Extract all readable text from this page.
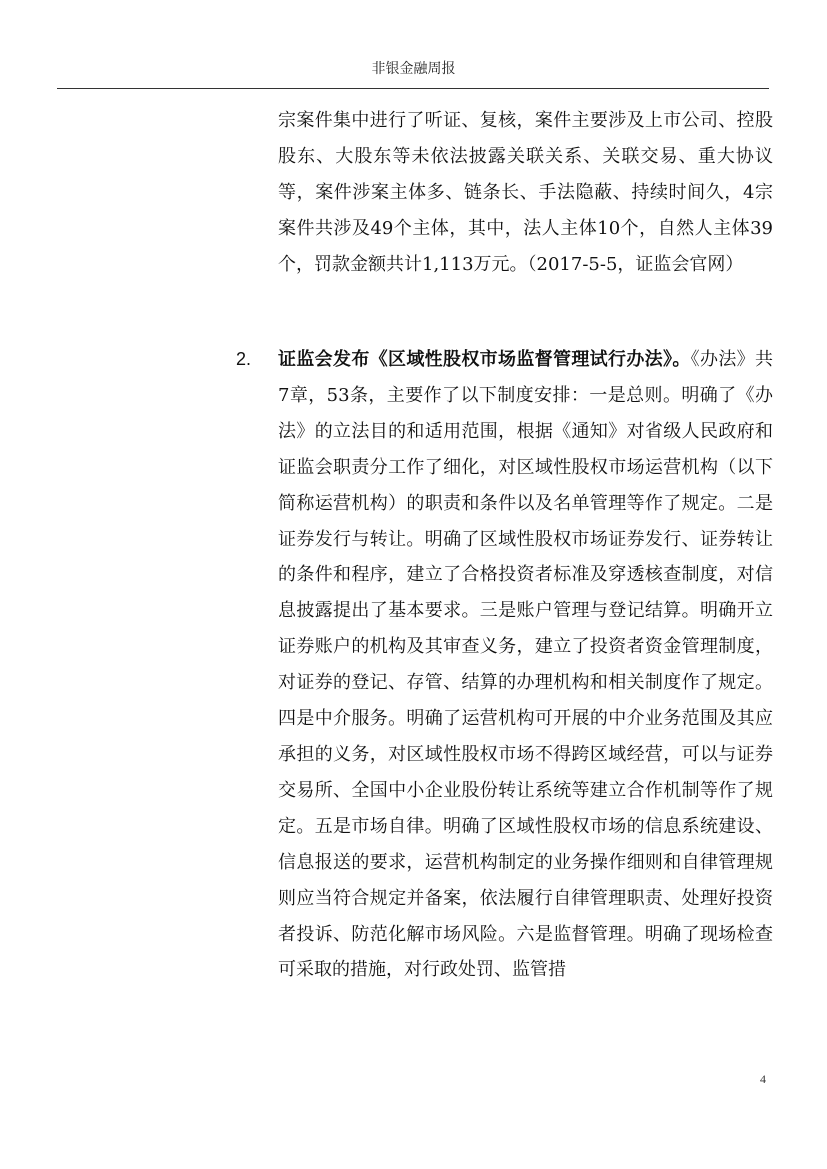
非银金融周报

宗案件集中进行了听证、复核，案件主要涉及上市公司、控股股东、大股东等未依法披露关联关系、关联交易、重大协议等，案件涉案主体多、链条长、手法隐蔽、持续时间久，4宗案件共涉及49个主体，其中，法人主体10个，自然人主体39个，罚款金额共计1,113万元。（2017-5-5，证监会官网）

2. 证监会发布《区域性股权市场监督管理试行办法》。《办法》共7章，53条，主要作了以下制度安排：一是总则。明确了《办法》的立法目的和适用范围，根据《通知》对省级人民政府和证监会职责分工作了细化，对区域性股权市场运营机构（以下简称运营机构）的职责和条件以及名单管理等作了规定。二是证券发行与转让。明确了区域性股权市场证券发行、证券转让的条件和程序，建立了合格投资者标准及穿透核查制度，对信息披露提出了基本要求。三是账户管理与登记结算。明确开立证券账户的机构及其审查义务，建立了投资者资金管理制度，对证券的登记、存管、结算的办理机构和相关制度作了规定。四是中介服务。明确了运营机构可开展的中介业务范围及其应承担的义务，对区域性股权市场不得跨区域经营，可以与证券交易所、全国中小企业股份转让系统等建立合作机制等作了规定。五是市场自律。明确了区域性股权市场的信息系统建设、信息报送的要求，运营机构制定的业务操作细则和自律管理规则应当符合规定并备案，依法履行自律管理职责、处理好投资者投诉、防范化解市场风险。六是监督管理。明确了现场检查可采取的措施，对行政处罚、监管措

4
